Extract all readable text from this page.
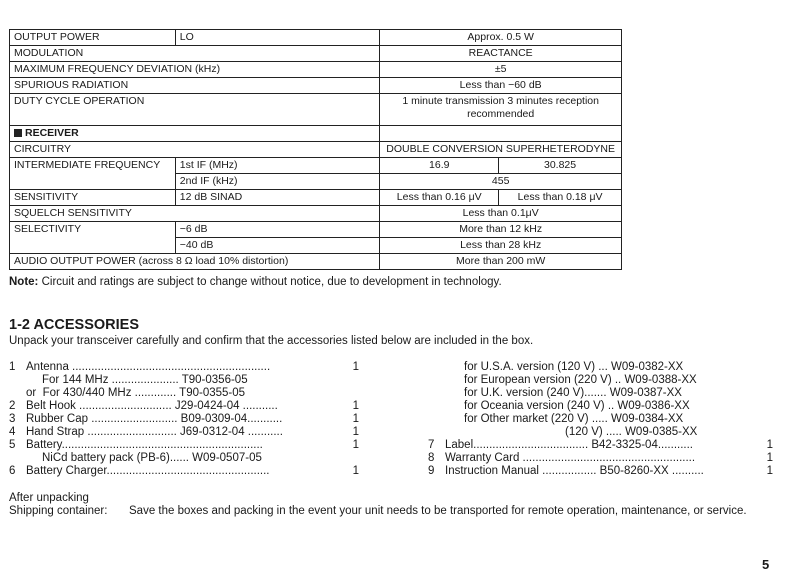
OUTPUT POWER	LO	Approx. 0.5 W	
MODULATION		REACTANCE	
MAXIMUM FREQUENCY DEVIATION (kHz)		±5	
SPURIOUS RADIATION		Less than −60 dB	
DUTY CYCLE OPERATION		1 minute transmission 3 minutes reception
recommended	

RECEIVER			
CIRCUITRY		DOUBLE CONVERSION SUPERHETERODYNE	
INTERMEDIATE FREQUENCY	1st IF (MHz)	16.9	30.825
	2nd IF (kHz)	455	
SENSITIVITY	12 dB SINAD	Less than 0.16 μV	Less than 0.18 μV
SQUELCH SENSITIVITY		Less than 0.1μV	
SELECTIVITY	−6 dB	More than 12 kHz	
	−40 dB	Less than 28 kHz	
AUDIO OUTPUT POWER (across 8 Ω load 10% distortion)		More than 200 mW	
Note: Circuit and ratings are subject to change without notice, due to development in technology.
1-2 ACCESSORIES
Unpack your transceiver carefully and confirm that the accessories listed below are included in the box.
1 Antenna ..............................................................	1
For 144 MHz ..................... T90-0356-05
or  For 430/440 MHz ............. T90-0355-05
2 Belt Hook ............................. J29-0424-04 ...........	1
3 Rubber Cap ........................... B09-0309-04...........	1
4 Hand Strap ............................ J69-0312-04 ...........	1
5 Battery...............................................................	1
NiCd battery pack (PB-6)...... W09-0507-05
6 Battery Charger...................................................	1
for U.S.A. version (120 V) ... W09-0382-XX
for European version (220 V) .. W09-0388-XX
for U.K. version (240 V)....... W09-0387-XX
for Oceania version (240 V) .. W09-0386-XX
for Other market (220 V) ..... W09-0384-XX
(120 V) ..... W09-0385-XX
7 Label.................................... B42-3325-04...........	1
8 Warranty Card ......................................................	1
9 Instruction Manual ................. B50-8260-XX ..........	1
After unpacking
Shipping container: Save the boxes and packing in the event your unit needs to be transported for remote operation, maintenance, or service.
5
